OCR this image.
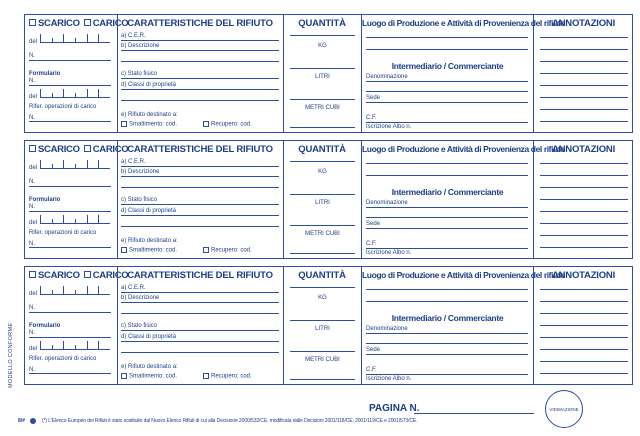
SCARICO	CARICO
del
N.
Formulario
N.
del
Rifer. operazioni di carico
N.
CARATTERISTICHE DEL RIFIUTO
a) C.E.R.
b) Descrizione
c) Stato fisico
d) Classi di proprietà
e) Rifiuto destinato a:
Smaltimento: cod.	Recupero: cod.
QUANTITÀ
KG
LITRI
METRI CUBI
Luogo di Produzione e Attività di Provenienza del rifiuto
Intermediario / Commerciante
Denominazione
Sede
C.F.
Iscrizione Albo n.
ANNOTAZIONI
SCARICO	CARICO
del
N.
Formulario
N.
del
Rifer. operazioni di carico
N.
CARATTERISTICHE DEL RIFIUTO
a) C.E.R.
b) Descrizione
c) Stato fisico
d) Classi di proprietà
e) Rifiuto destinato a:
Smaltimento: cod.	Recupero: cod.
QUANTITÀ
KG
LITRI
METRI CUBI
Luogo di Produzione e Attività di Provenienza del rifiuto
Intermediario / Commerciante
Denominazione
Sede
C.F.
Iscrizione Albo n.
ANNOTAZIONI
SCARICO	CARICO
del
N.
Formulario
N.
del
Rifer. operazioni di carico
N.
CARATTERISTICHE DEL RIFIUTO
a) C.E.R.
b) Descrizione
c) Stato fisico
d) Classi di proprietà
e) Rifiuto destinato a:
Smaltimento: cod.	Recupero: cod.
QUANTITÀ
KG
LITRI
METRI CUBI
Luogo di Produzione e Attività di Provenienza del rifiuto
Intermediario / Commerciante
Denominazione
Sede
C.F.
Iscrizione Albo n.
ANNOTAZIONI
MODELLO CONFORME
PAGINA N.	VIDIMAZIONE
8/#	(*) L'Elenco Europeo dei Rifiuti è stato sostituito dal Nuovo Elenco Rifiuti di cui alla Decisione 2000/532/CE, modificata dalle Decisioni 2001/118/CE, 2001/119/CE e 2001/573/CE.
